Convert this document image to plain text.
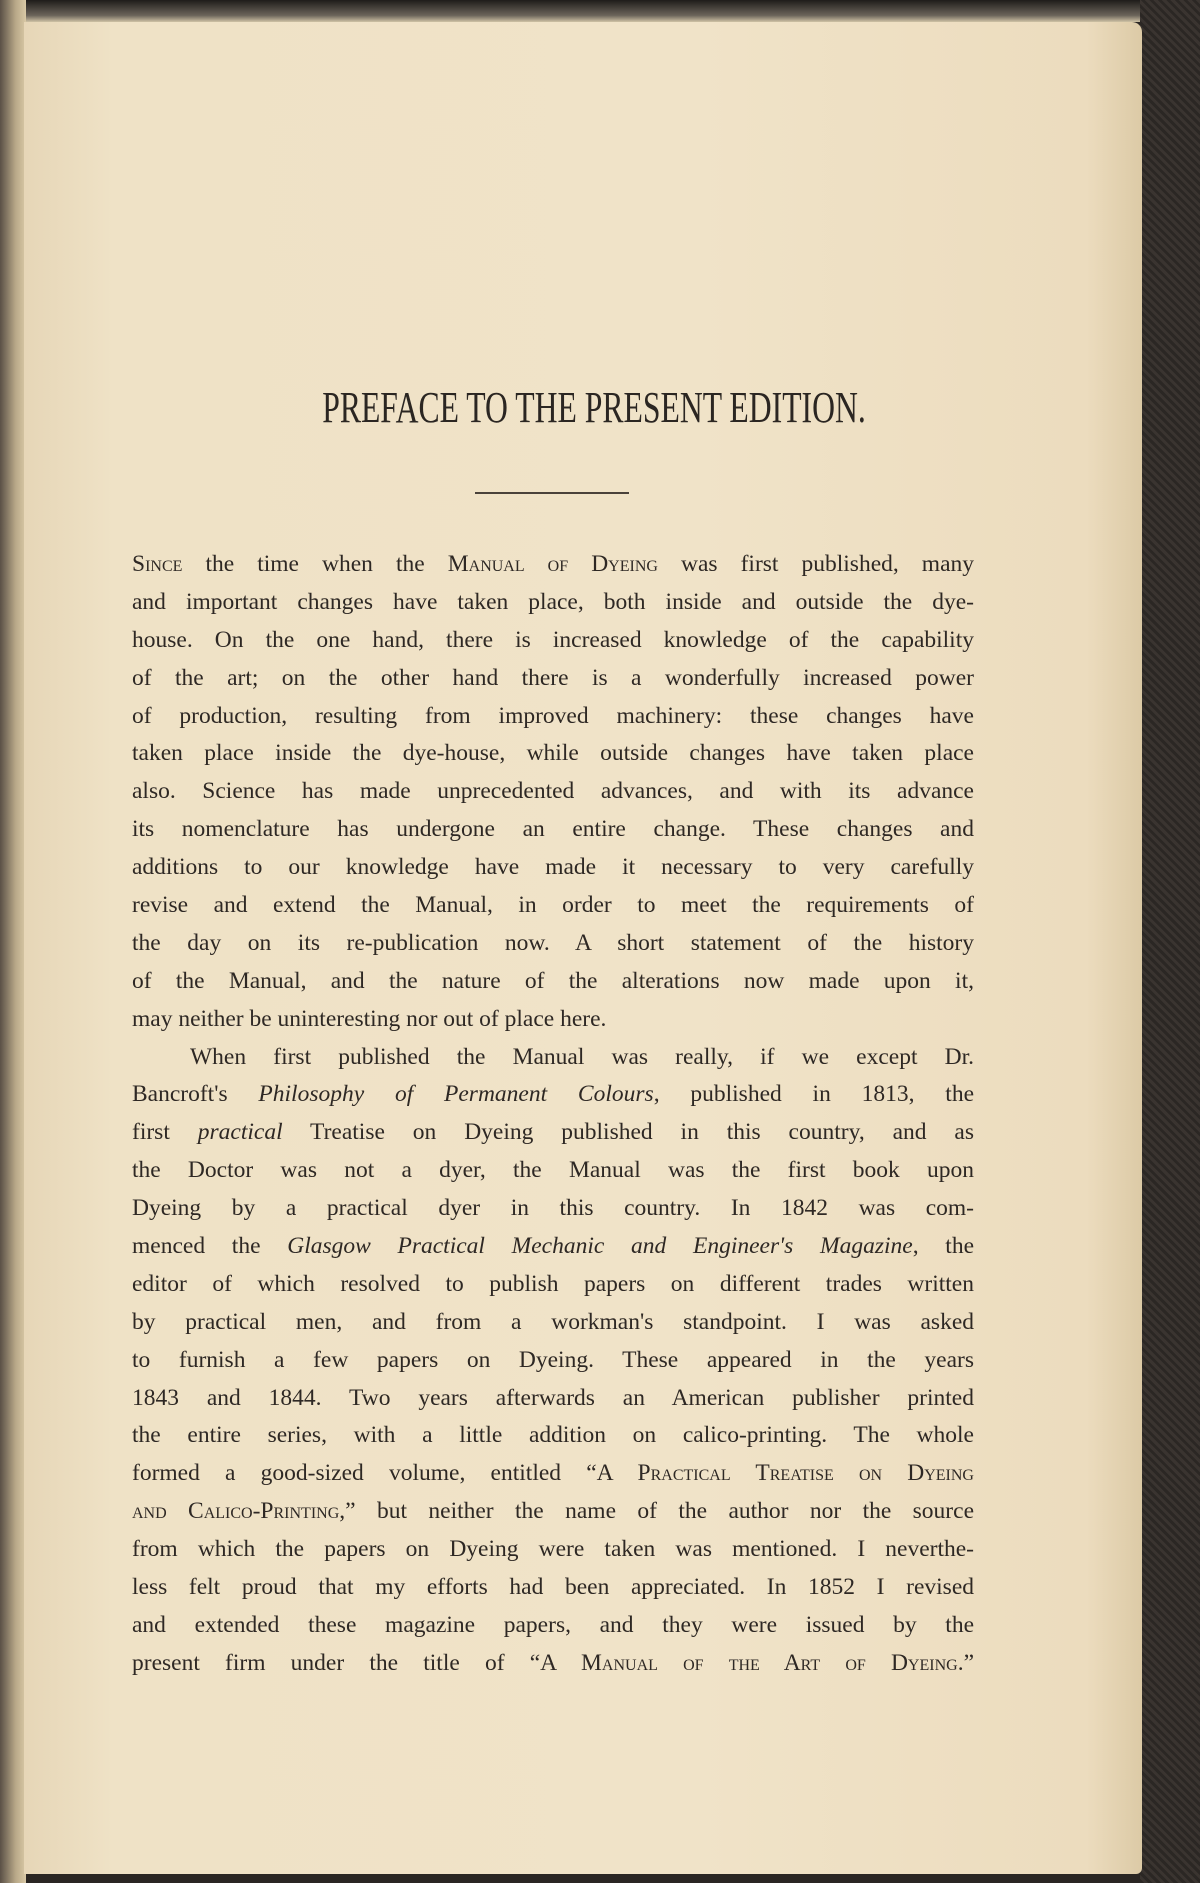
PREFACE TO THE PRESENT EDITION.
Since the time when the Manual of Dyeing was first published, many
and important changes have taken place, both inside and outside the dye-
house. On the one hand, there is increased knowledge of the capability
of the art; on the other hand there is a wonderfully increased power
of production, resulting from improved machinery: these changes have
taken place inside the dye-house, while outside changes have taken place
also. Science has made unprecedented advances, and with its advance
its nomenclature has undergone an entire change. These changes and
additions to our knowledge have made it necessary to very carefully
revise and extend the Manual, in order to meet the requirements of
the day on its re-publication now. A short statement of the history
of the Manual, and the nature of the alterations now made upon it,
may neither be uninteresting nor out of place here.
When first published the Manual was really, if we except Dr.
Bancroft's Philosophy of Permanent Colours, published in 1813, the
first practical Treatise on Dyeing published in this country, and as
the Doctor was not a dyer, the Manual was the first book upon
Dyeing by a practical dyer in this country. In 1842 was com-
menced the Glasgow Practical Mechanic and Engineer's Magazine, the
editor of which resolved to publish papers on different trades written
by practical men, and from a workman's standpoint. I was asked
to furnish a few papers on Dyeing. These appeared in the years
1843 and 1844. Two years afterwards an American publisher printed
the entire series, with a little addition on calico-printing. The whole
formed a good-sized volume, entitled “A Practical Treatise on Dyeing
and Calico-Printing,” but neither the name of the author nor the source
from which the papers on Dyeing were taken was mentioned. I neverthe-
less felt proud that my efforts had been appreciated. In 1852 I revised
and extended these magazine papers, and they were issued by the
present firm under the title of “A Manual of the Art of Dyeing.”
